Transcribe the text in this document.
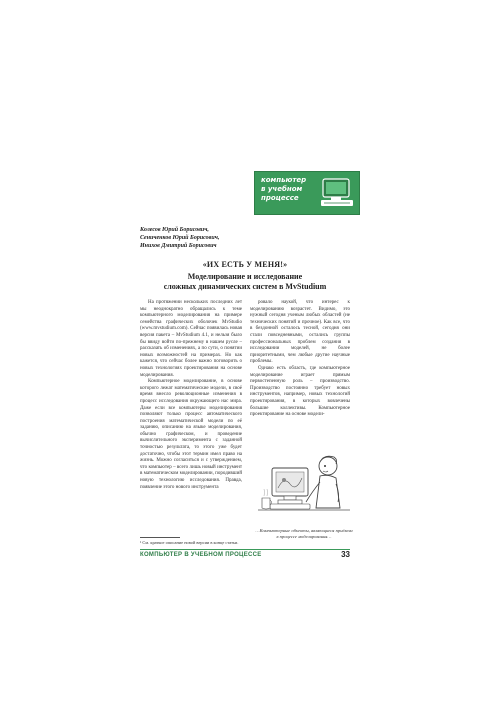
компьютер
в учебном
процессе
Колесов Юрий Борисович,
Сениченков Юрий Борисович,
Инихов Дмитрий Борисович
«ИХ ЕСТЬ У МЕНЯ!»
Моделирование и исследование
сложных динамических систем в MvStudium

На протяжении нескольких последних лет мы неоднократно обращались к теме компьютерного моделирования на примере семейства графических оболочек MvStudio (www.mvstudium.com). Сейчас появилась новая версия пакета – MvStudium 4.1, и нельзя было бы ввиду войти по-прежнему в нашем русле – рассказать об изменениях, а по сути, о понятии новых возможностей на примерах. Но как кажется, что сейчас более важно поговорить о новых технологиях проектирования на основе моделирования.

Компьютерное моделирование, в основе которого лежат математические модели, в своё время внесло революционные изменения в процесс исследования окружающего нас мира. Даже если все компьютеры моделирования позволяют только процесс автоматического построения математической модели по её заданию, описанию на языке моделирования, обычно графическом, и проведение вычислительного эксперимента с заданной точностью результата, то этого уже будет достаточно, чтобы этот термин имел право на жизнь. Можно согласиться и с утверждением, что компьютер – всего лишь новый инструмент в математическом моделировании, породивший новую технологию исследования. Правда, появление этого нового инструмента

ровало наукой, что интерес к моделированию возрастет. Видимо, это нужный сегодня ученым любых областей (не технических понятий и прочное). Как все, что в бездонной осталось тесной, сегодня они стали повседневными, остались группы профессиональных проблем создания в исследовании моделей, не более приоритетными, чем любые другие научные проблемы.

Однако есть область, где компьютерное моделирование играет прямым первостепенную роль – производство. Производство постоянно требует новых инструментов, например, новых технологий проектирования, в которых вовлечены большие коллективы. Компьютерное проектирование на основе модели-

…Компьютерные объекты, являющиеся приёмом в процессе моделирования…
¹ См. краткое описание новой версии в конце статьи.
КОМПЬЮТЕР В УЧЕБНОМ ПРОЦЕССЕ	33
